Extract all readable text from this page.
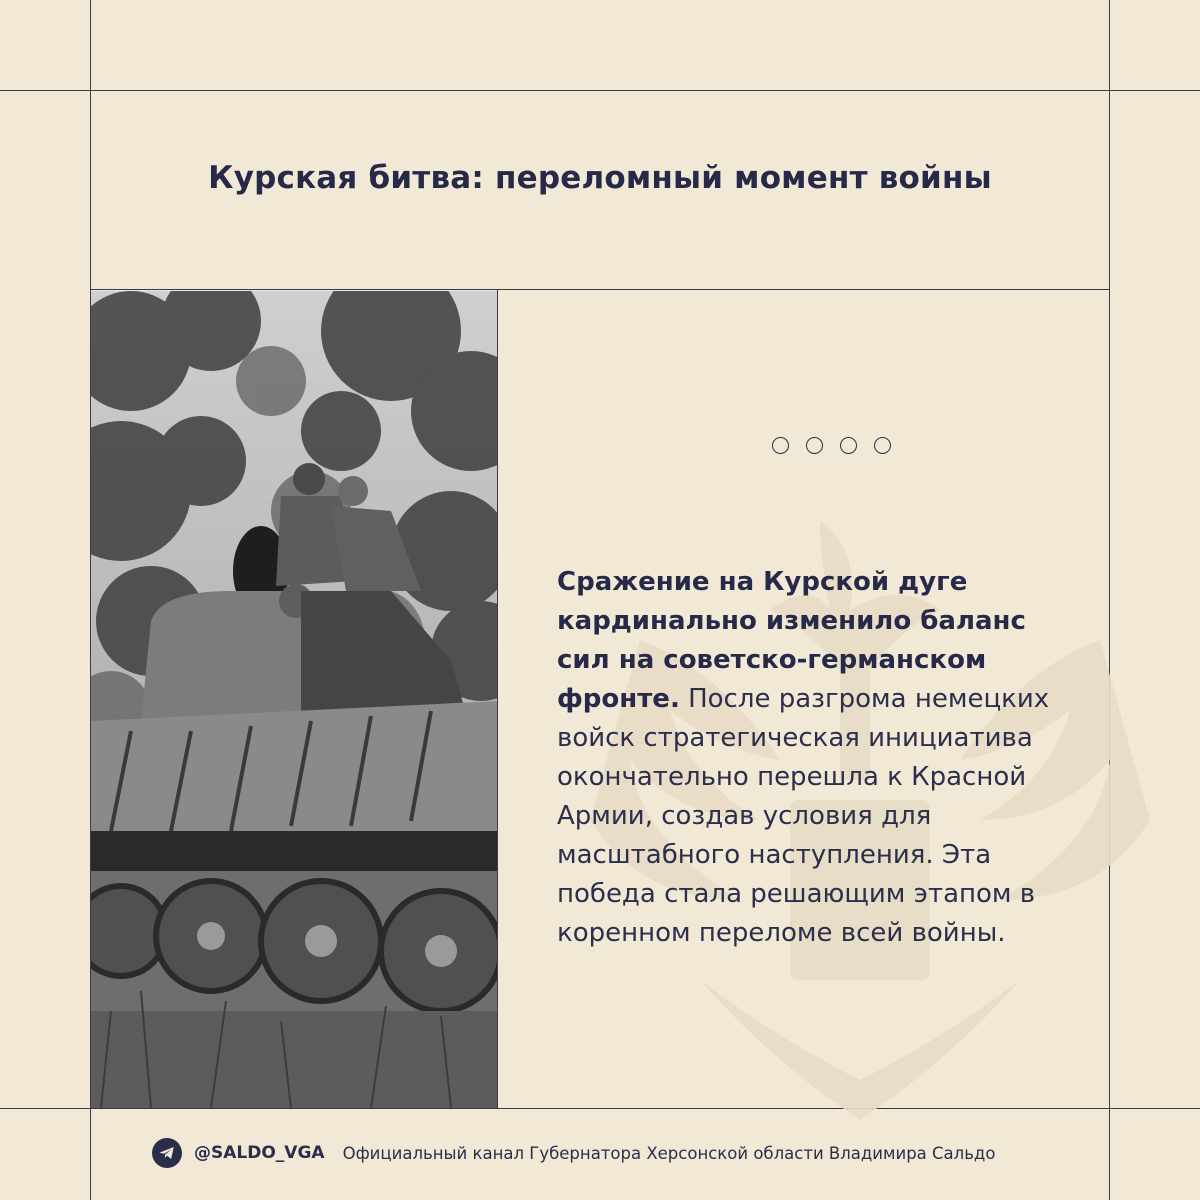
Курская битва: переломный момент войны
Сражение на Курской дуге кардинально изменило баланс сил на советско-германском фронте. После разгрома немецких войск стратегическая инициатива окончательно перешла к Красной Армии, создав условия для масштабного наступления. Эта победа стала решающим этапом в коренном переломе всей войны.
@SALDO_VGA Официальный канал Губернатора Херсонской области Владимира Сальдо
